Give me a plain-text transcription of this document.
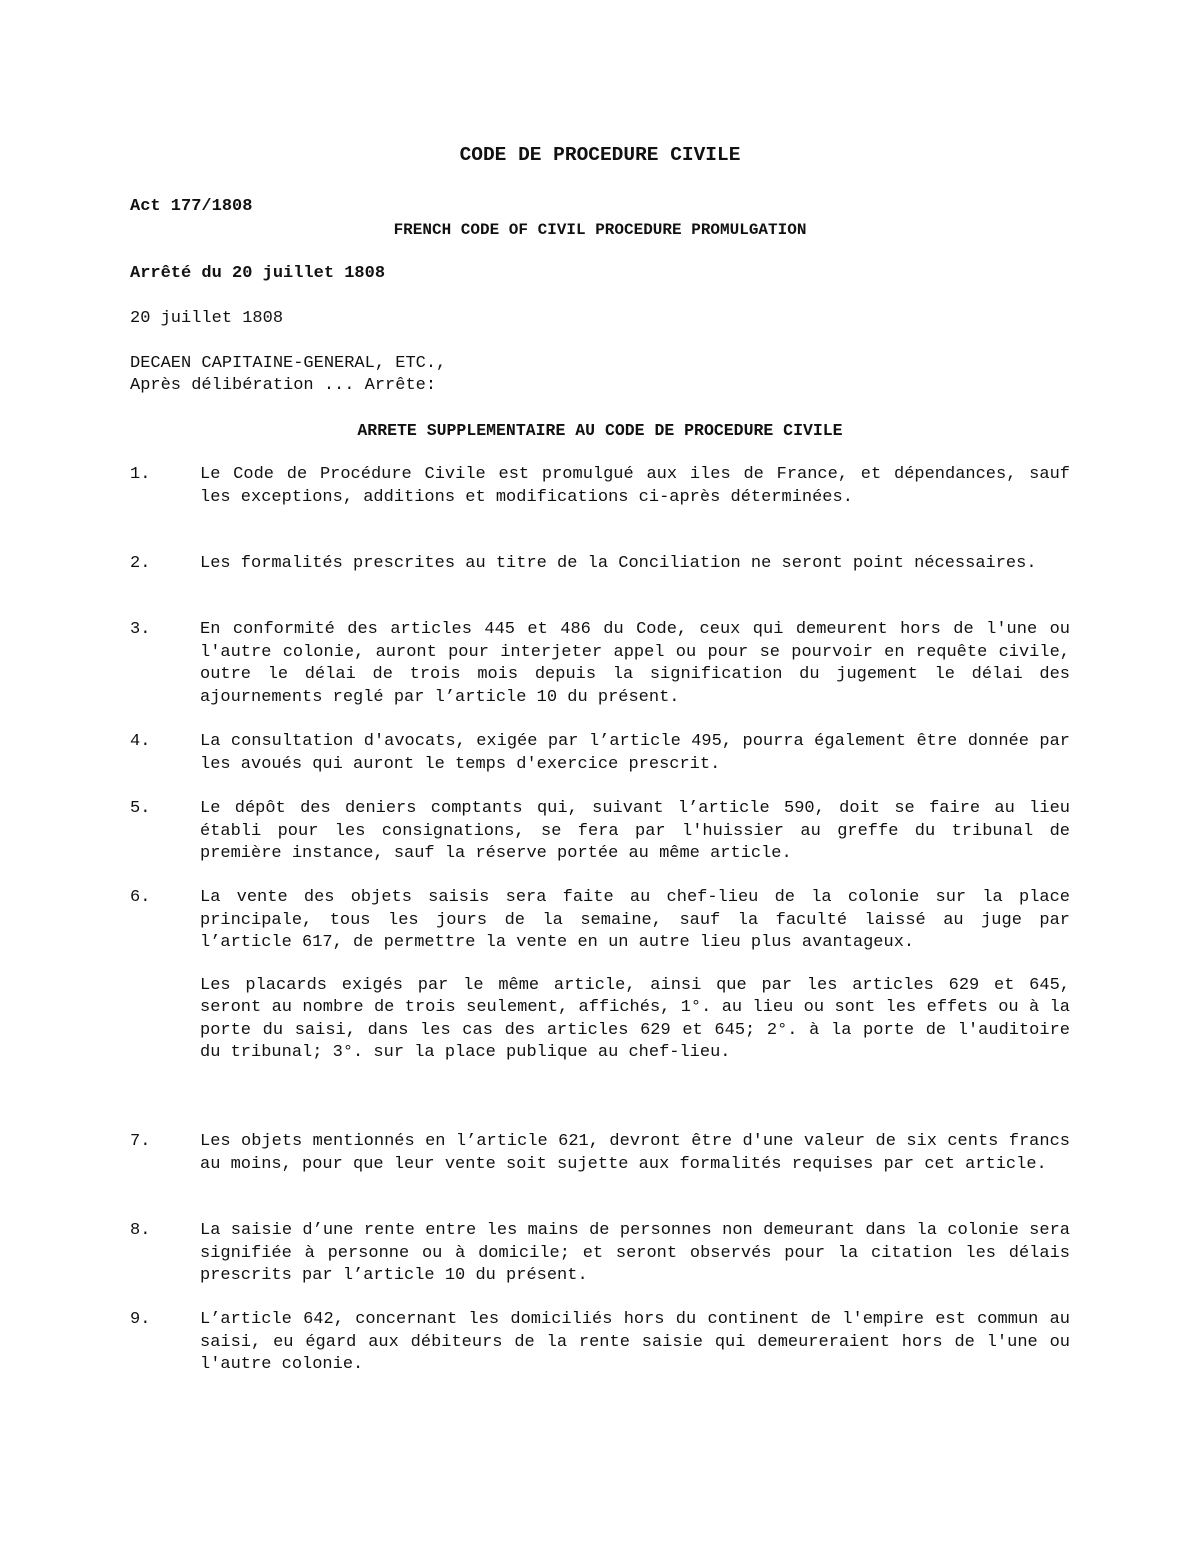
CODE DE PROCEDURE CIVILE
Act 177/1808
FRENCH CODE OF CIVIL PROCEDURE PROMULGATION
Arrêté du 20 juillet 1808
20 juillet 1808
DECAEN CAPITAINE-GENERAL, ETC.,
Après délibération ... Arrête:
ARRETE SUPPLEMENTAIRE AU CODE DE PROCEDURE CIVILE
1.	Le Code de Procédure Civile est promulgué aux iles de France, et dépendances, sauf les exceptions, additions et modifications ci-après déterminées.

2.	Les formalités prescrites au titre de la Conciliation ne seront point nécessaires.

3.	En conformité des articles 445 et 486 du Code, ceux qui demeurent hors de l'une ou l'autre colonie, auront pour interjeter appel ou pour se pourvoir en requête civile, outre le délai de trois mois depuis la signification du jugement le délai des ajournements reglé par l’article 10 du présent.

4.	La consultation d'avocats, exigée par l’article 495, pourra également être donnée par les avoués qui auront le temps d'exercice prescrit.

5.	Le dépôt des deniers comptants qui, suivant l’article 590, doit se faire au lieu établi pour les consignations, se fera par l'huissier au greffe du tribunal de première instance, sauf la réserve portée au même article.

6.	La vente des objets saisis sera faite au chef-lieu de la colonie sur la place principale, tous les jours de la semaine, sauf la faculté laissé au juge par l’article 617, de permettre la vente en un autre lieu plus avantageux.

Les placards exigés par le même article, ainsi que par les articles 629 et 645, seront au nombre de trois seulement, affichés, 1°. au lieu ou sont les effets ou à la porte du saisi, dans les cas des articles 629 et 645; 2°. à la porte de l'auditoire du tribunal; 3°. sur la place publique au chef-lieu.

7.	Les objets mentionnés en l’article 621, devront être d'une valeur de six cents francs au moins, pour que leur vente soit sujette aux formalités requises par cet article.

8.	La saisie d’une rente entre les mains de personnes non demeurant dans la colonie sera signifiée à personne ou à domicile; et seront observés pour la citation les délais prescrits par l’article 10 du présent.

9.	L’article 642, concernant les domiciliés hors du continent de l'empire est commun au saisi, eu égard aux débiteurs de la rente saisie qui demeureraient hors de l'une ou l'autre colonie.
